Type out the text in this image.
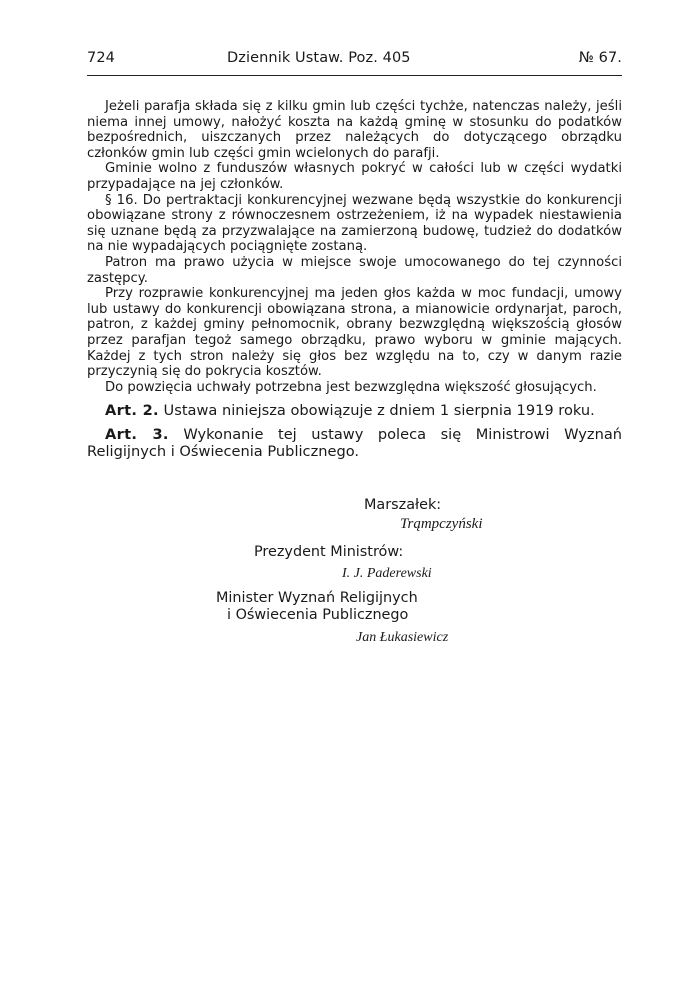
724	Dziennik Ustaw. Poz. 405	№ 67.

Jeżeli parafja składa się z kilku gmin lub części tychże, natenczas należy, jeśli niema innej umowy, nałożyć koszta na każdą gminę w stosunku do podatków bezpośrednich, uiszczanych przez należących do dotyczącego obrządku członków gmin lub części gmin wcielonych do parafji.

Gminie wolno z funduszów własnych pokryć w całości lub w części wydatki przypadające na jej członków.

§ 16. Do pertraktacji konkurencyjnej wezwane będą wszystkie do konkurencji obowiązane strony z równoczesnem ostrzeżeniem, iż na wypadek niestawienia się uznane będą za przyzwalające na zamierzoną budowę, tudzież do dodatków na nie wypadających pociągnięte zostaną.

Patron ma prawo użycia w miejsce swoje umocowanego do tej czynności zastępcy.

Przy rozprawie konkurencyjnej ma jeden głos każda w moc fundacji, umowy lub ustawy do konkurencji obowiązana strona, a mianowicie ordynarjat, paroch, patron, z każdej gminy pełnomocnik, obrany bezwzględną większością głosów przez parafjan tegoż samego obrządku, prawo wyboru w gminie mających. Każdej z tych stron należy się głos bez względu na to, czy w danym razie przyczynią się do pokrycia kosztów.

Do powzięcia uchwały potrzebna jest bezwzględna większość głosujących.

Art. 2. Ustawa niniejsza obowiązuje z dniem 1 sierpnia 1919 roku.

Art. 3. Wykonanie tej ustawy poleca się Ministrowi Wyznań Religijnych i Oświecenia Publicznego.

Marszałek:
Trąmpczyński
Prezydent Ministrów:
I. J. Paderewski
Minister Wyznań Religijnych
i Oświecenia Publicznego
Jan Łukasiewicz
